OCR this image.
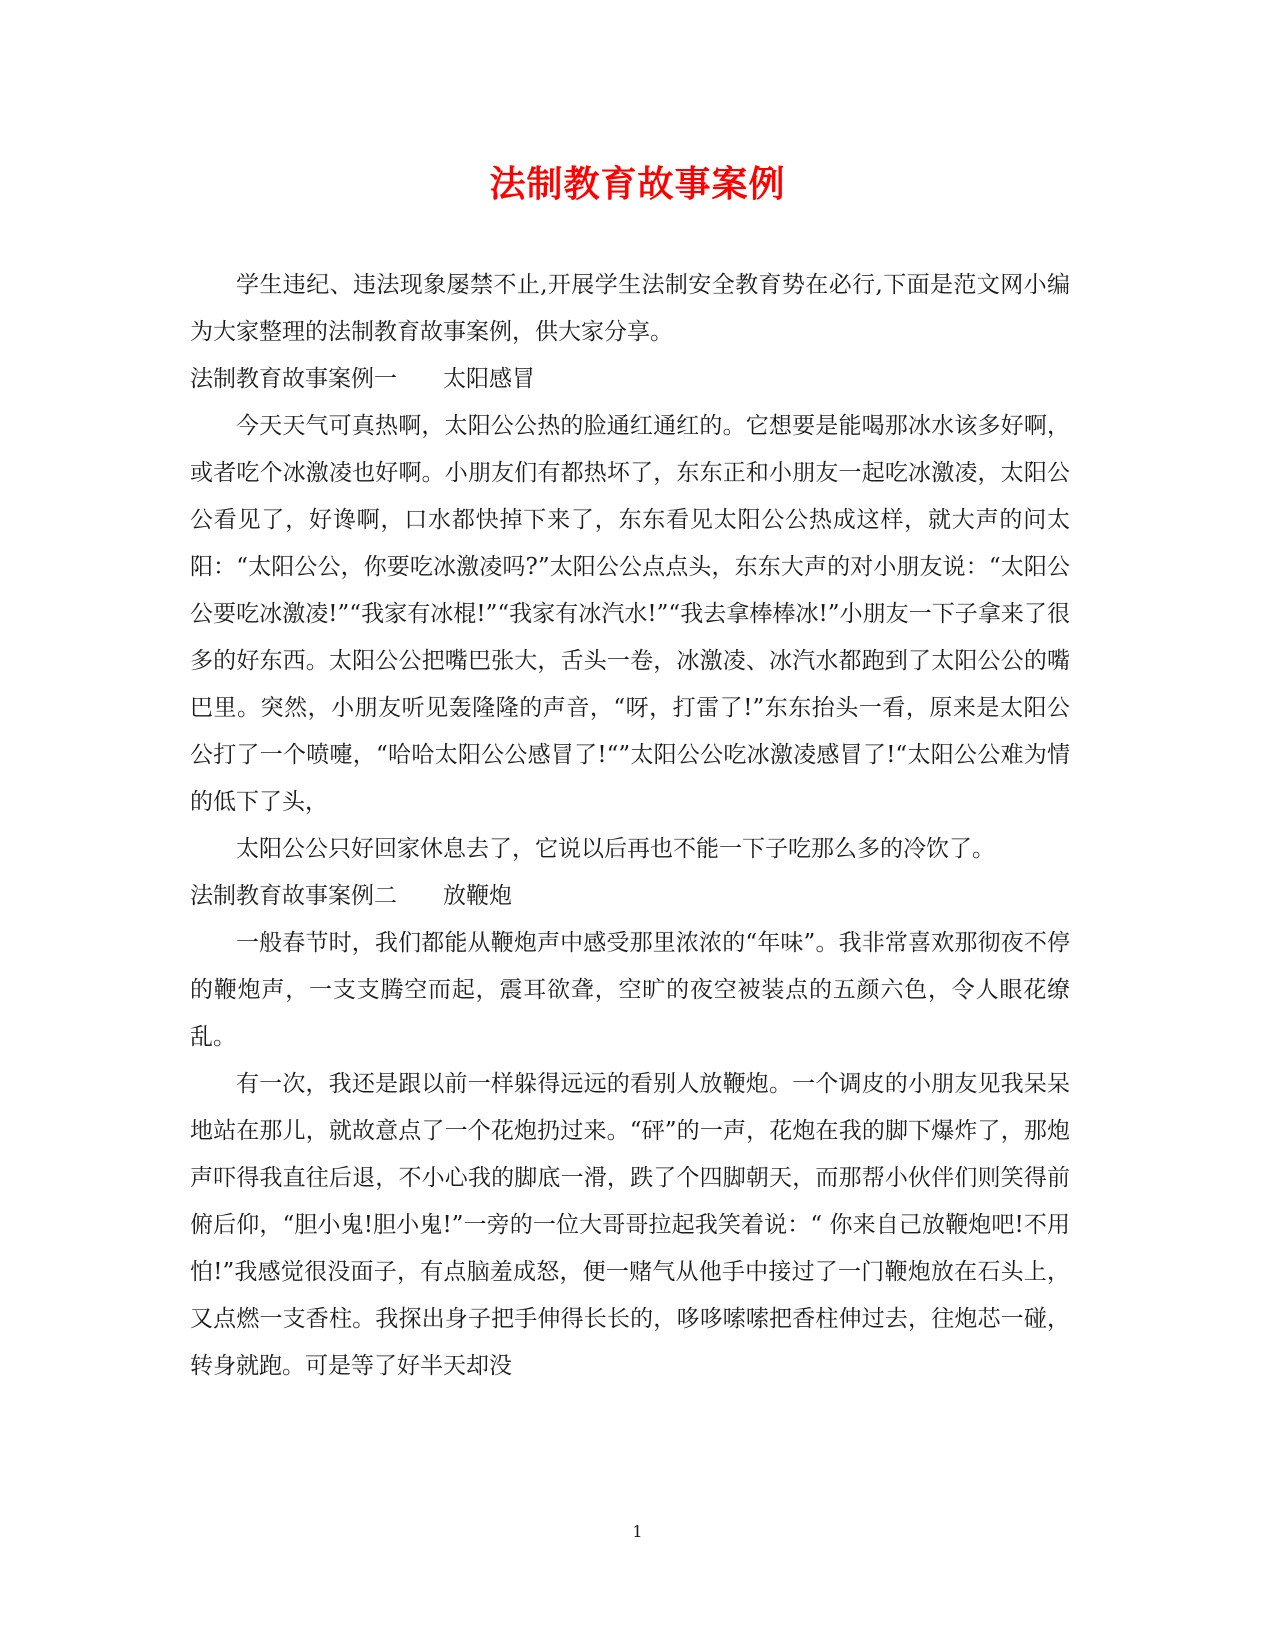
法制教育故事案例

学生违纪、违法现象屡禁不止,开展学生法制安全教育势在必行,下面是范文网小编为大家整理的法制教育故事案例，供大家分享。

法制教育故事案例一　　太阳感冒

今天天气可真热啊，太阳公公热的脸通红通红的。它想要是能喝那冰水该多好啊，或者吃个冰激凌也好啊。小朋友们有都热坏了，东东正和小朋友一起吃冰激凌，太阳公公看见了，好谗啊，口水都快掉下来了，东东看见太阳公公热成这样，就大声的问太阳：“太阳公公，你要吃冰激凌吗?”太阳公公点点头，东东大声的对小朋友说：“太阳公公要吃冰激凌!”“我家有冰棍!”“我家有冰汽水!”“我去拿棒棒冰!”小朋友一下子拿来了很多的好东西。太阳公公把嘴巴张大，舌头一卷，冰激凌、冰汽水都跑到了太阳公公的嘴巴里。突然，小朋友听见轰隆隆的声音，“呀，打雷了!”东东抬头一看，原来是太阳公公打了一个喷嚏，“哈哈太阳公公感冒了!“”太阳公公吃冰激凌感冒了!“太阳公公难为情的低下了头，

太阳公公只好回家休息去了，它说以后再也不能一下子吃那么多的冷饮了。

法制教育故事案例二　　放鞭炮

一般春节时，我们都能从鞭炮声中感受那里浓浓的“年味”。我非常喜欢那彻夜不停的鞭炮声，一支支腾空而起，震耳欲聋，空旷的夜空被装点的五颜六色，令人眼花缭乱。

有一次，我还是跟以前一样躲得远远的看别人放鞭炮。一个调皮的小朋友见我呆呆地站在那儿，就故意点了一个花炮扔过来。“砰”的一声，花炮在我的脚下爆炸了，那炮声吓得我直往后退，不小心我的脚底一滑，跌了个四脚朝天，而那帮小伙伴们则笑得前俯后仰，“胆小鬼!胆小鬼!”一旁的一位大哥哥拉起我笑着说：“ 你来自己放鞭炮吧!不用怕!”我感觉很没面子，有点脑羞成怒，便一赌气从他手中接过了一门鞭炮放在石头上，又点燃一支香柱。我探出身子把手伸得长长的，哆哆嗦嗦把香柱伸过去，往炮芯一碰，转身就跑。可是等了好半天却没

1
